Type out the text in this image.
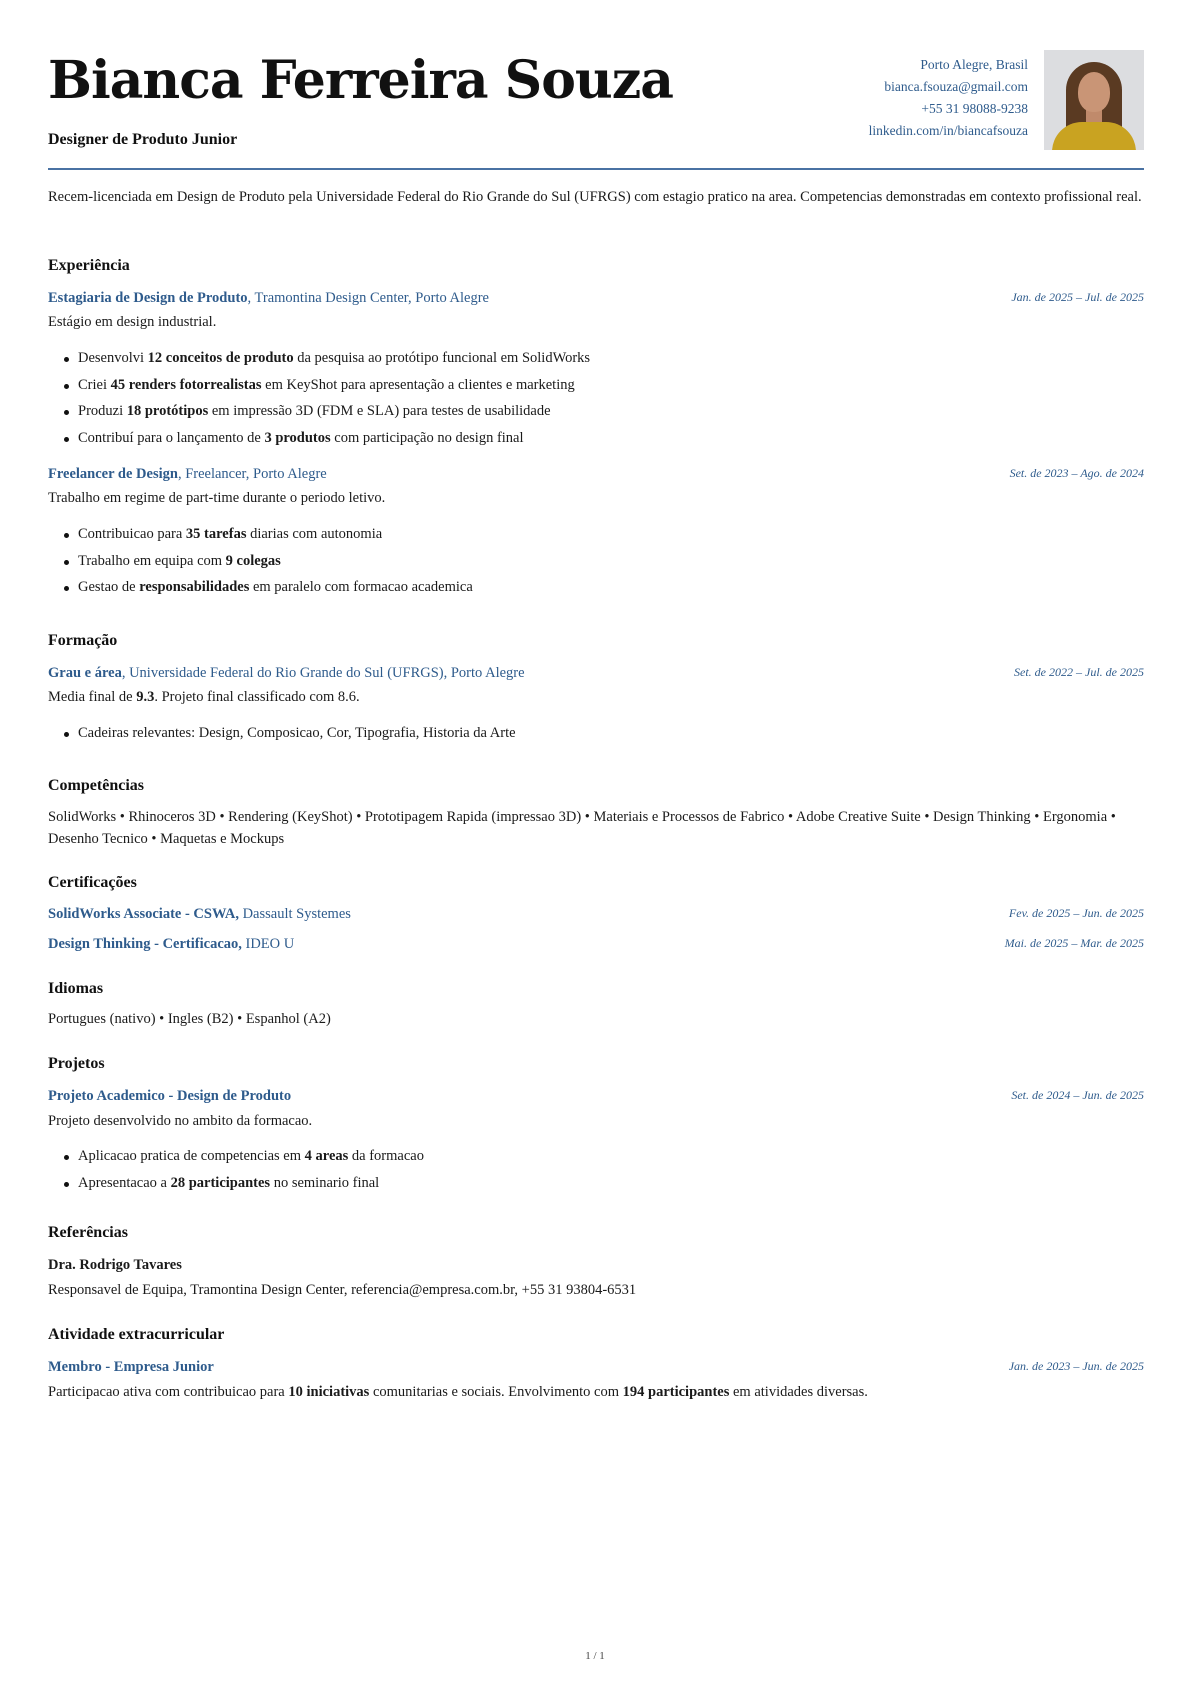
Bianca Ferreira Souza
Designer de Produto Junior
Porto Alegre, Brasil
bianca.fsouza@gmail.com
+55 31 98088-9238
linkedin.com/in/biancafsouza

Recem-licenciada em Design de Produto pela Universidade Federal do Rio Grande do Sul (UFRGS) com estagio pratico na area. Competencias demonstradas em contexto profissional real.

Experiência
Estagiaria de Design de Produto, Tramontina Design Center, Porto Alegre	Jan. de 2025 – Jul. de 2025
Estágio em design industrial.
Desenvolvi 12 conceitos de produto da pesquisa ao protótipo funcional em SolidWorks
Criei 45 renders fotorrealistas em KeyShot para apresentação a clientes e marketing
Produzi 18 protótipos em impressão 3D (FDM e SLA) para testes de usabilidade
Contribuí para o lançamento de 3 produtos com participação no design final
Freelancer de Design, Freelancer, Porto Alegre	Set. de 2023 – Ago. de 2024
Trabalho em regime de part-time durante o periodo letivo.
Contribuicao para 35 tarefas diarias com autonomia
Trabalho em equipa com 9 colegas
Gestao de responsabilidades em paralelo com formacao academica
Formação
Grau e área, Universidade Federal do Rio Grande do Sul (UFRGS), Porto Alegre	Set. de 2022 – Jul. de 2025
Media final de 9.3. Projeto final classificado com 8.6.
Cadeiras relevantes: Design, Composicao, Cor, Tipografia, Historia da Arte
Competências
SolidWorks • Rhinoceros 3D • Rendering (KeyShot) • Prototipagem Rapida (impressao 3D) • Materiais e Processos de Fabrico • Adobe Creative Suite • Design Thinking • Ergonomia • Desenho Tecnico • Maquetas e Mockups
Certificações
SolidWorks Associate - CSWA, Dassault Systemes	Fev. de 2025 – Jun. de 2025
Design Thinking - Certificacao, IDEO U	Mai. de 2025 – Mar. de 2025
Idiomas
Portugues (nativo) • Ingles (B2) • Espanhol (A2)
Projetos
Projeto Academico - Design de Produto	Set. de 2024 – Jun. de 2025
Projeto desenvolvido no ambito da formacao.
Aplicacao pratica de competencias em 4 areas da formacao
Apresentacao a 28 participantes no seminario final
Referências
Dra. Rodrigo Tavares
Responsavel de Equipa, Tramontina Design Center, referencia@empresa.com.br, +55 31 93804-6531
Atividade extracurricular
Membro - Empresa Junior	Jan. de 2023 – Jun. de 2025
Participacao ativa com contribuicao para 10 iniciativas comunitarias e sociais. Envolvimento com 194 participantes em atividades diversas.
1 / 1
